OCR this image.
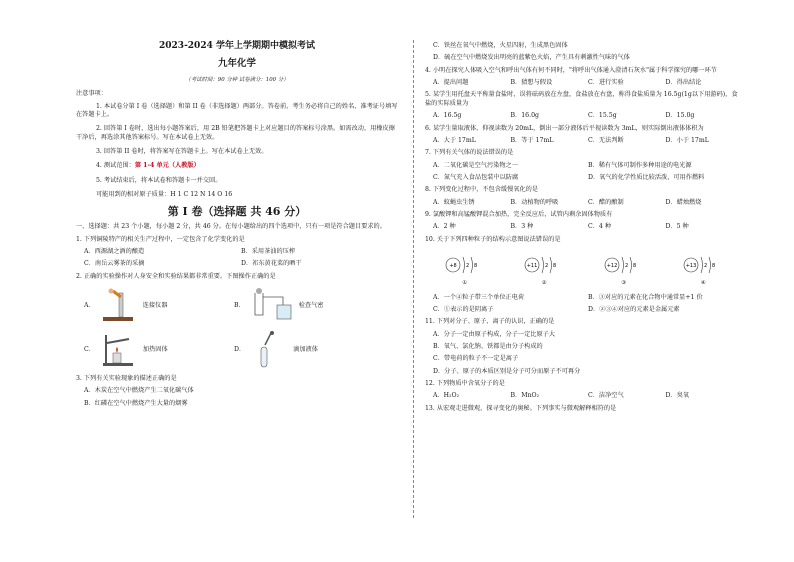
2023-2024 学年上学期期中模拟考试
九年化学
（考试时间：90 分钟 试卷满分：100 分）
注意事项：

1. 本试卷分第 I 卷（选择题）和第 II 卷（非选择题）两部分。答卷前，考生务必将自己的姓名、准考证号填写在答题卡上。

2. 回答第 I 卷时，选出每小题答案后，用 2B 铅笔把答题卡上对应题目的答案标号涂黑。如需改动，用橡皮擦干净后，再选涂其他答案标号。写在本试卷上无效。

3. 回答第 II 卷时，将答案写在答题卡上。写在本试卷上无效。

4. 测试范围：第 1-4 单元（人教版）

5. 考试结束后，将本试卷和答题卡一并交回。

可能用到的相对原子质量：H 1 C 12 N 14 O 16

第 I 卷（选择题 共 46 分）
一、选择题：共 23 个小题，每小题 2 分，共 46 分。在每小题给出的四个选项中，只有一项是符合题目要求的。
1. 下列铜陵特产的相关生产过程中，一定包含了化学变化的是
A．西源湖之酒的酿造	B．采用茶油的压榨
C．南岳云雾茶的采摘	D．祁东黄花菜的晒干
2. 正确的实验操作对人身安全和实验结果都非常重要。下图操作正确的是
A．	连接仪器	B．	检查气密
C．	加热固体	D．	滴加液体
3. 下列有关实验现象的描述正确的是
A．木炭在空气中燃烧产生二氧化碳气体
B．红磷在空气中燃烧产生大量的烟雾
C．铁丝在氧气中燃烧，火星四射，生成黑色固体
D．硫在空气中燃烧发出明亮的蓝紫色火焰，产生具有刺激性气味的气体
4. 小明在探究人体吸入空气和呼出气体有何不同时，"将呼出气体通入澄清石灰水"属于科学探究的哪一环节
A．提出问题	B．猜想与假设	C．进行实验	D．得出结论
5. 某学生用托盘天平称量食盐时，误将砝码放在左盘，食盐放在右盘，称得食盐质量为 16.5g(1g以下用游码)，食盐的实际质量为
A．16.5g	B．16.0g	C．15.5g	D．15.0g
6. 某学生量取液体，仰视读数为 20mL，倒出一部分液体后平视读数为 3mL，则实际倒出液体体积为
A．大于 17mL	B．等于 17mL	C．无法判断	D．小于 17mL
7. 下列有关气体的说法错误的是
A．二氧化碳是空气污染物之一	B．稀有气体可制作多种用途的电光源
C．氮气充入食品包装中以防腐	D．氧气的化学性质比较活泼，可用作燃料
8. 下列变化过程中，不包含缓慢氧化的是
A．蚊蝇虫生锈	B．动植物的呼吸	C．醋的酿制	D．蜡烛燃烧
9. 氯酸钾和高锰酸钾混合加热，完全反应后，试管内剩余固体物质有
A．2 种	B．3 种	C．4 种	D．5 种
10. 关于下列四种粒子的结构示意图说法错误的是
+8 2 8	+11 2 8	+12 2 8	+13 2 8
①	②	③	④
A．一个④粒子带三个单位正电荷	B．③对应的元素在化合物中通常显+1 价
C．①表示的是阴离子	D．②③④对应的元素是金属元素
11. 下列对分子、原子、离子的认识，正确的是
A．分子一定由原子构成，分子一定比原子大
B．氧气、氯化钠、铁都是由分子构成的
C．带电荷的粒子不一定是离子
D．分子、原子的本质区别是分子可分而原子不可再分
12. 下列物质中含氧分子的是
A．H₂O₂	B．MnO₂	C．洁净空气	D．臭氧
13. 从宏观走进微观，探寻变化的奥秘。下列事实与微观解释相符的是
